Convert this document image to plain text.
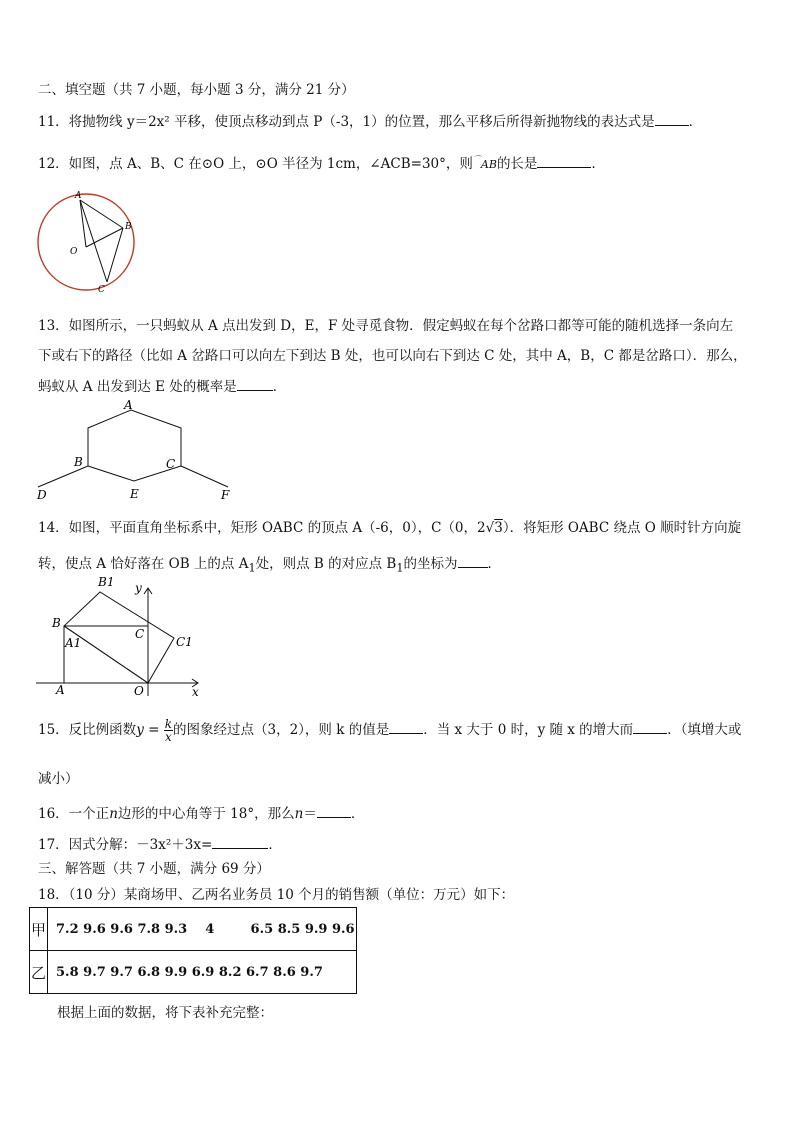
二、填空题（共 7 小题，每小题 3 分，满分 21 分）
11．将抛物线 y＝2x² 平移，使顶点移动到点 P（-3，1）的位置，那么平移后所得新抛物线的表达式是	．
12．如图，点 A、B、C 在⊙O 上，⊙O 半径为 1cm，∠ACB=30°，则⌒AB的长是	．
A
B
O
C
13．如图所示，一只蚂蚁从 A 点出发到 D，E，F 处寻觅食物．假定蚂蚁在每个岔路口都等可能的随机选择一条向左
下或右下的路径（比如 A 岔路口可以向左下到达 B 处，也可以向右下到达 C 处，其中 A，B，C 都是岔路口）．那么，
蚂蚁从 A 出发到达 E 处的概率是	．
A
B	C
D	E	F
14．如图，平面直角坐标系中，矩形 OABC 的顶点 A（-6，0），C（0，2√3）．将矩形 OABC 绕点 O 顺时针方向旋
转，使点 A 恰好落在 OB 上的点 $A_1$处，则点 B 的对应点 $B_1$的坐标为 ．
B
B1 y
C
C1
A1
A	O	x
15．反比例函数$y = \frac{k}{x}$ 的图象经过点（3，2），则 k 的值是	．当 x 大于 0 时，y 随 x 的增大而	．（填增大或
减小）
16．一个正n边形的中心角等于 18°，那么n＝	．
17．因式分解：－3x²＋3x=	．
三、解答题（共 7 小题，满分 69 分）
18．（10 分）某商场甲、乙两名业务员 10 个月的销售额（单位：万元）如下：
甲	7.2 9.6 9.6 7.8 9.3    4        6.5 8.5 9.9 9.6
乙	5.8 9.7 9.7 6.8 9.9 6.9 8.2 6.7 8.6 9.7
根据上面的数据，将下表补充完整：
